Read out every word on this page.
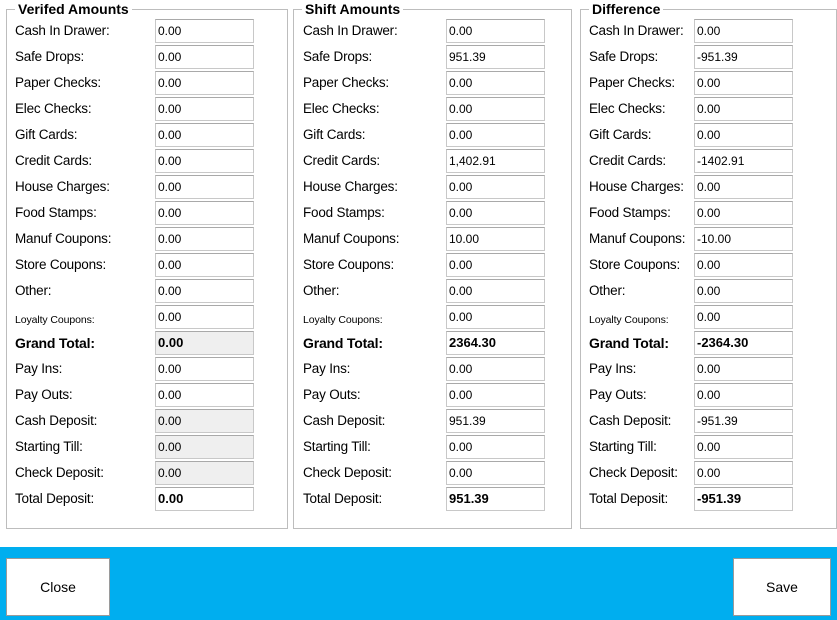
Verifed Amounts
Cash In Drawer:	0.00
Safe Drops:	0.00
Paper Checks:	0.00
Elec Checks:	0.00
Gift Cards:	0.00
Credit Cards:	0.00
House Charges:	0.00
Food Stamps:	0.00
Manuf Coupons:	0.00
Store Coupons:	0.00
Other:	0.00
Loyalty Coupons:	0.00
Grand Total:	0.00
Pay Ins:	0.00
Pay Outs:	0.00
Cash Deposit:	0.00
Starting Till:	0.00
Check Deposit:	0.00
Total Deposit:	0.00
Shift Amounts
Cash In Drawer:	0.00
Safe Drops:	951.39
Paper Checks:	0.00
Elec Checks:	0.00
Gift Cards:	0.00
Credit Cards:	1,402.91
House Charges:	0.00
Food Stamps:	0.00
Manuf Coupons:	10.00
Store Coupons:	0.00
Other:	0.00
Loyalty Coupons:	0.00
Grand Total:	2364.30
Pay Ins:	0.00
Pay Outs:	0.00
Cash Deposit:	951.39
Starting Till:	0.00
Check Deposit:	0.00
Total Deposit:	951.39
Difference
Cash In Drawer: 0.00
Safe Drops:	-951.39
Paper Checks: 0.00
Elec Checks:	0.00
Gift Cards:	0.00
Credit Cards:	-1402.91
House Charges: 0.00
Food Stamps: 0.00
Manuf Coupons: -10.00
Store Coupons: 0.00
Other:	0.00
Loyalty Coupons: 0.00
Grand Total: -2364.30
Pay Ins:	0.00
Pay Outs:	0.00
Cash Deposit: -951.39
Starting Till:	0.00
Check Deposit: 0.00
Total Deposit: -951.39
Close	Save
